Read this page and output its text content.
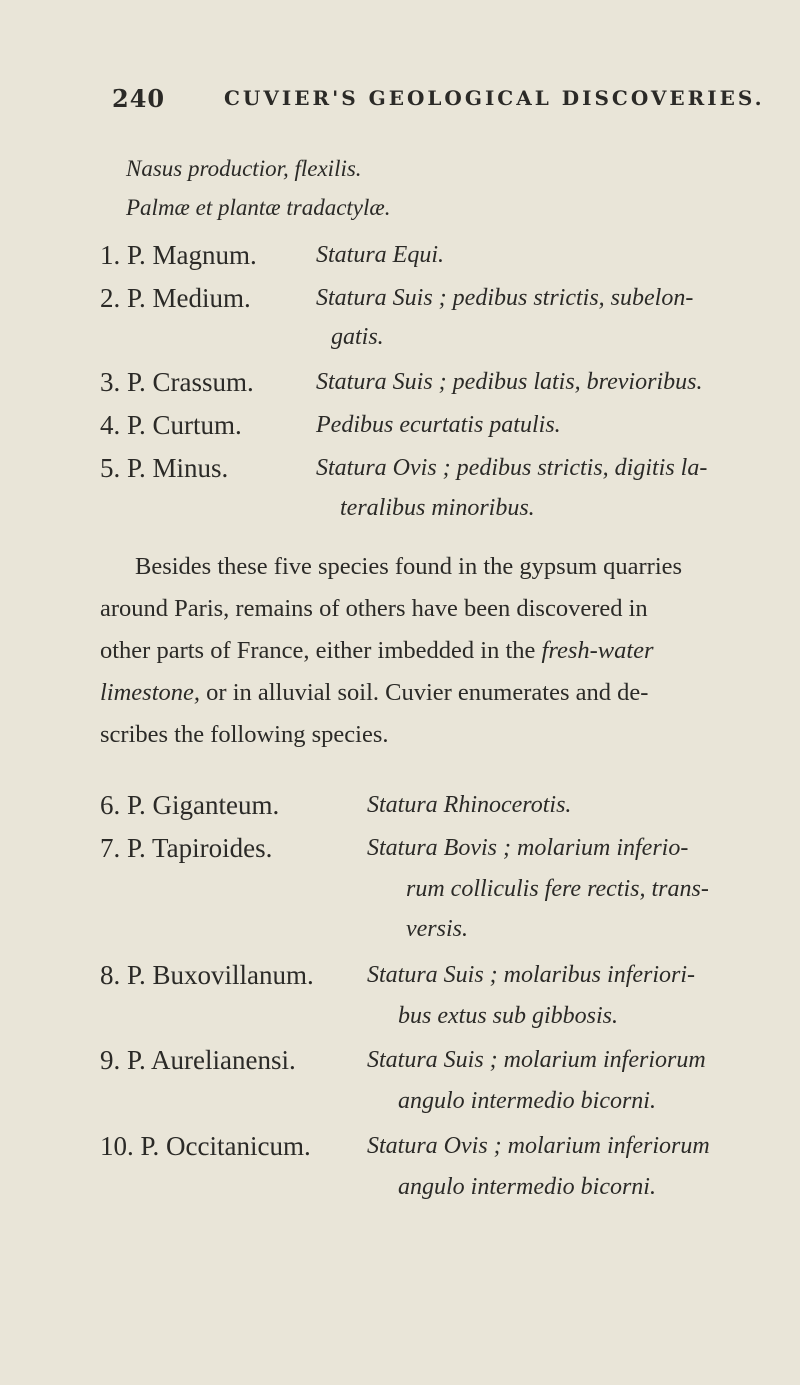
240	CUVIER'S GEOLOGICAL DISCOVERIES.
Nasus productior, flexilis.
Palmæ et plantæ tradactylæ.
1. P. Magnum. Statura Equi.
2. P. Medium.	Statura Suis ; pedibus strictis, subelon-
gatis.
3. P. Crassum.	Statura Suis ; pedibus latis, brevioribus.
4. P. Curtum.	Pedibus ecurtatis patulis.
5. P. Minus.	Statura Ovis ; pedibus strictis, digitis la-
teralibus minoribus.
Besides these five species found in the gypsum quarries
around Paris, remains of others have been discovered in
other parts of France, either imbedded in the fresh-water
limestone, or in alluvial soil. Cuvier enumerates and de-
scribes the following species.
6. P. Giganteum.	Statura Rhinocerotis.
7. P. Tapiroides.	Statura Bovis ; molarium inferio-
rum colliculis fere rectis, trans-
versis.
8. P. Buxovillanum. Statura Suis ; molaribus inferiori-
bus extus sub gibbosis.
9. P. Aurelianensi.	Statura Suis ; molarium inferiorum
angulo intermedio bicorni.
10. P. Occitanicum. Statura Ovis ; molarium inferiorum
angulo intermedio bicorni.
